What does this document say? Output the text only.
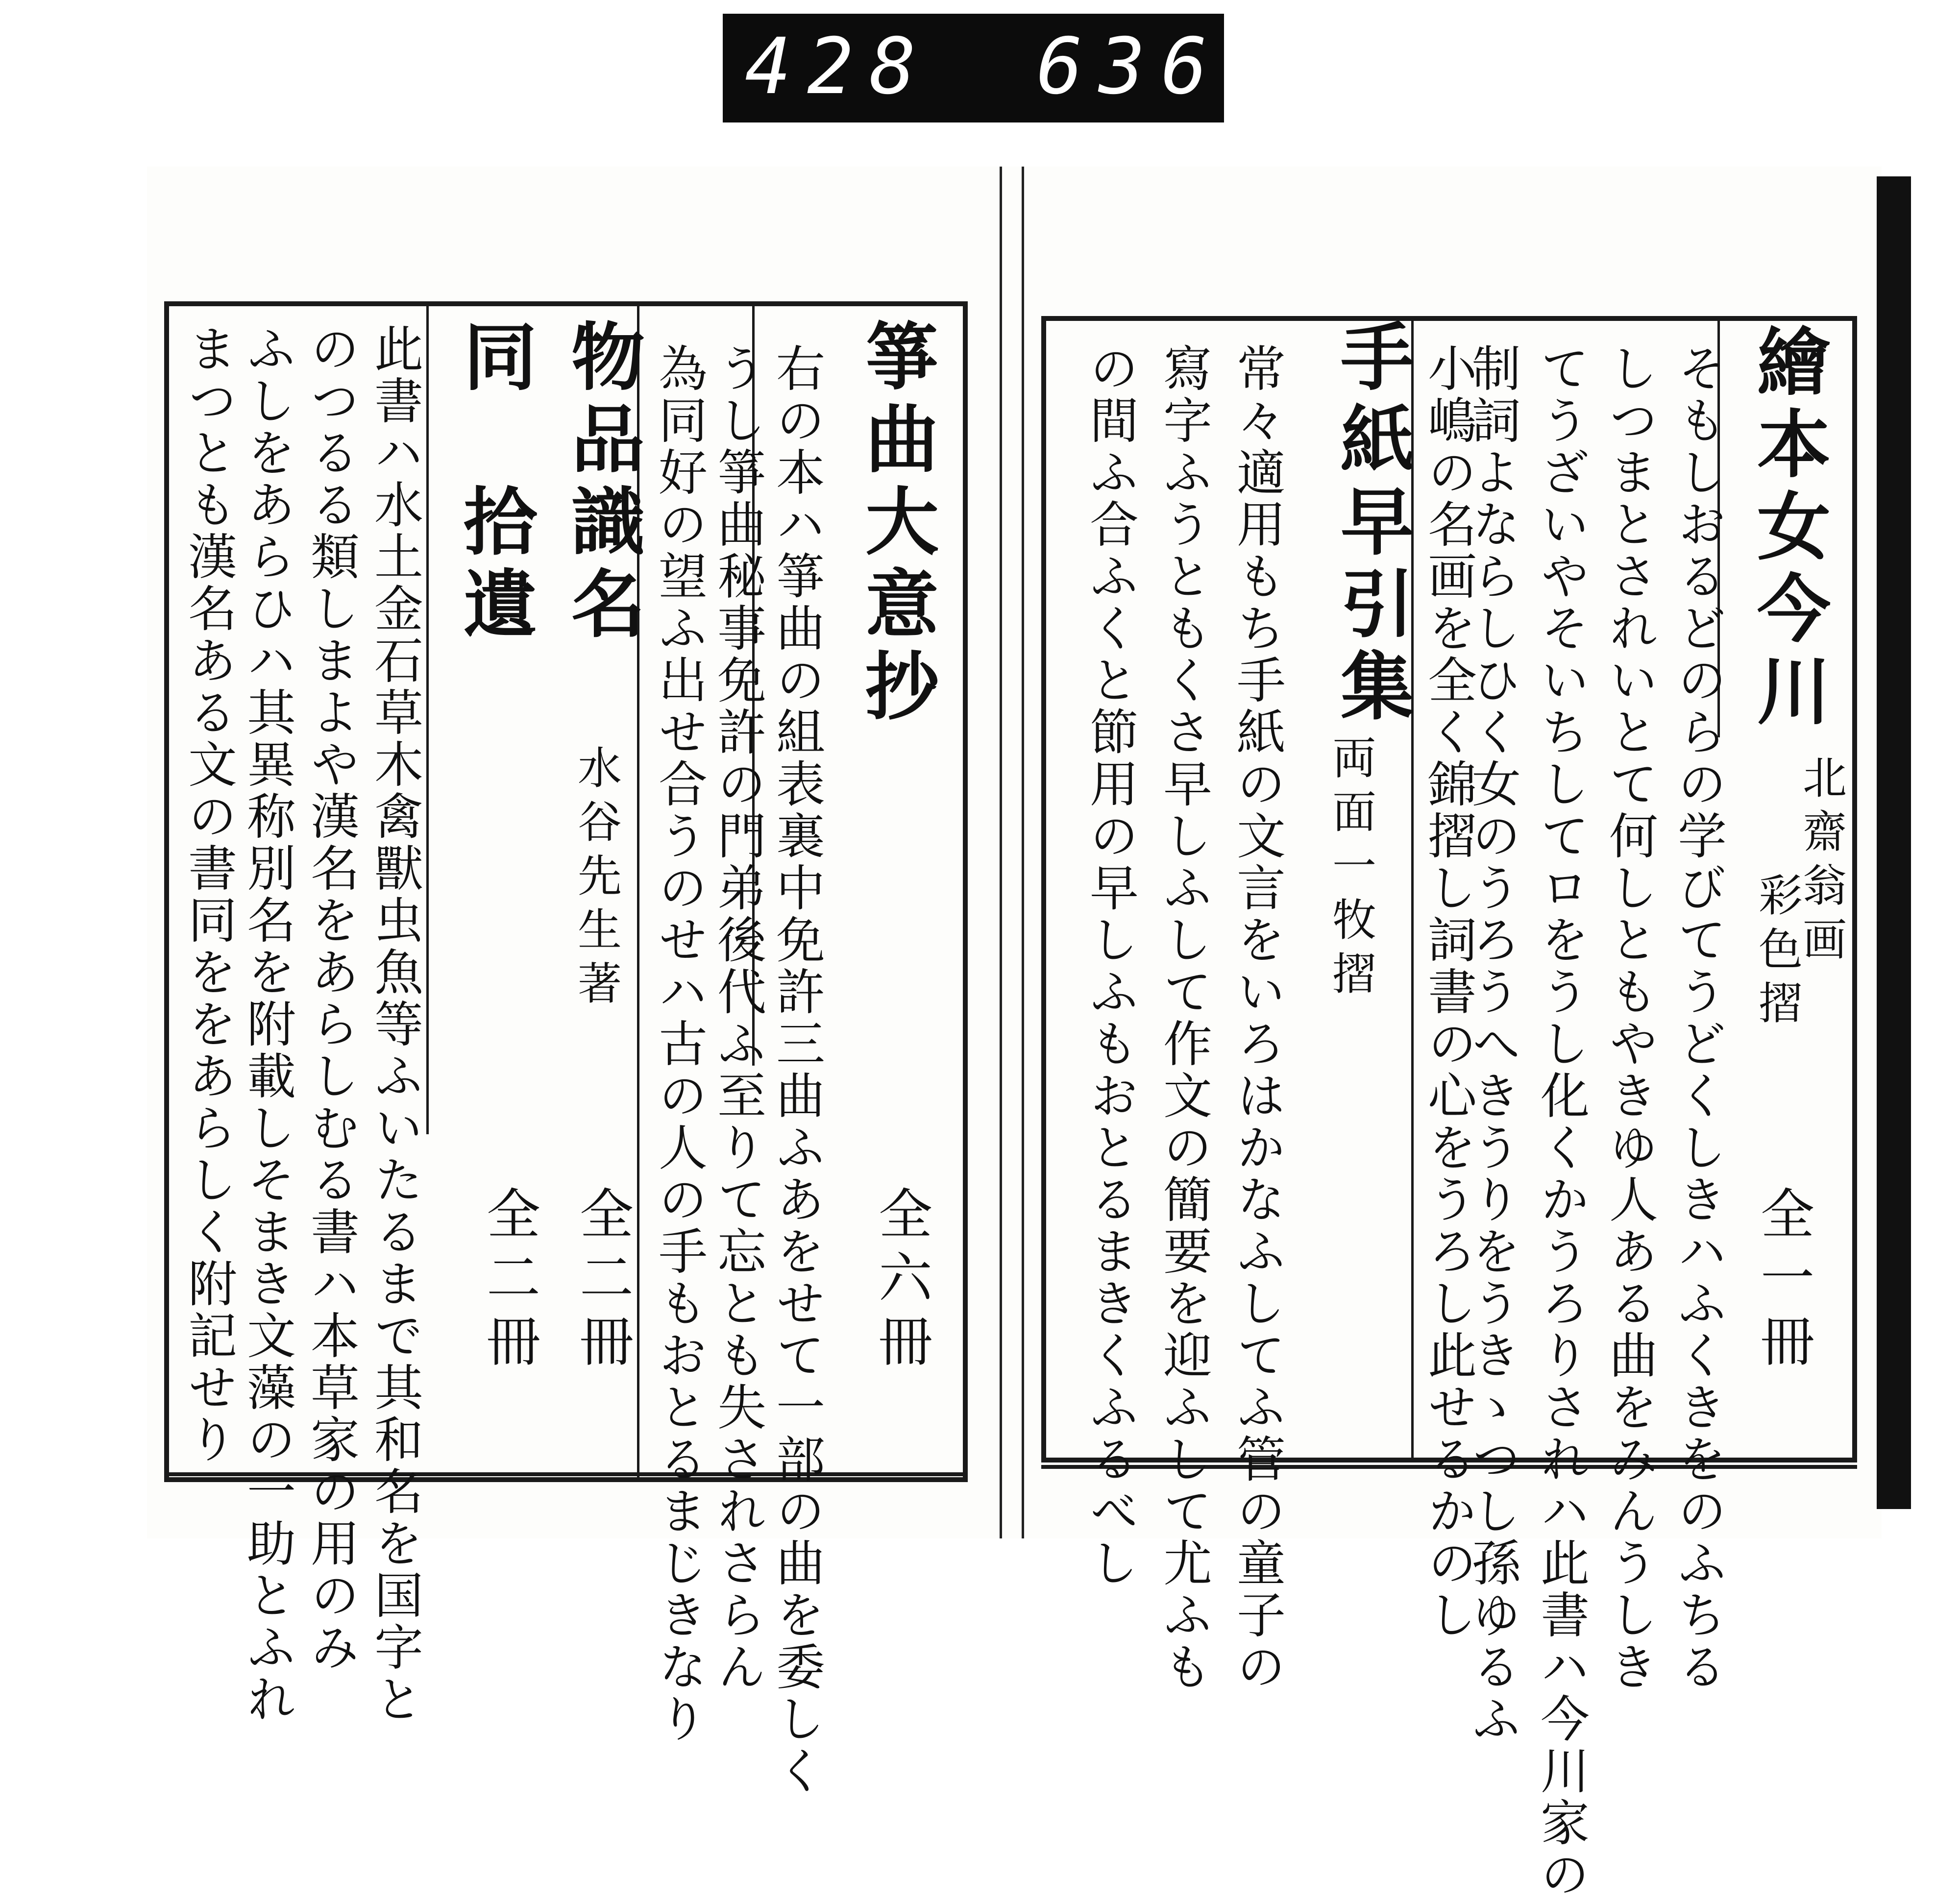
428 636
繪本女今川
北齋翁画
彩色摺
全一冊
そもしおるどのらの学びてうどくしきハふくきをのふちる
しつまとされいとて何しともやきゆ人ある曲をみんうしき
てうざいやそいちしてロをうし化くかうろりされハ此書ハ今川家の
制詞よならしひく女のうろうへきうりをうきゝつし孫ゆるふ
小嶋の名画を全く錦摺し詞書の心をうろし此せるかのし
手紙早引集
両面一牧摺
常々適用もち手紙の文言をいろはかなふしてふ管の童子の
寫字ふうともくさ早しふして作文の簡要を迎ふして尤ふも
の間ふ合ふくと節用の早しふもおとるまきくふるべし
箏曲大意抄
全六冊
右の本ハ箏曲の組表裏中免許三曲ふあをせて一部の曲を委しく
うし箏曲秘事免許の門弟後代ふ至りて忘とも失されさらん
為同好の望ふ出せ合うのせハ古の人の手もおとるまじきなり
物品識名
水谷先生著
全二冊
同　拾遺
全二冊
此書ハ水土金石草木禽獸虫魚等ふいたるまで其和名を国字と
のつるる類しまよや漢名をあらしむる書ハ本草家の用のみ
ふしをあらひハ其異称別名を附載しそまき文藻の一助とふれ
まつとも漢名ある文の書同ををあらしく附記せり
